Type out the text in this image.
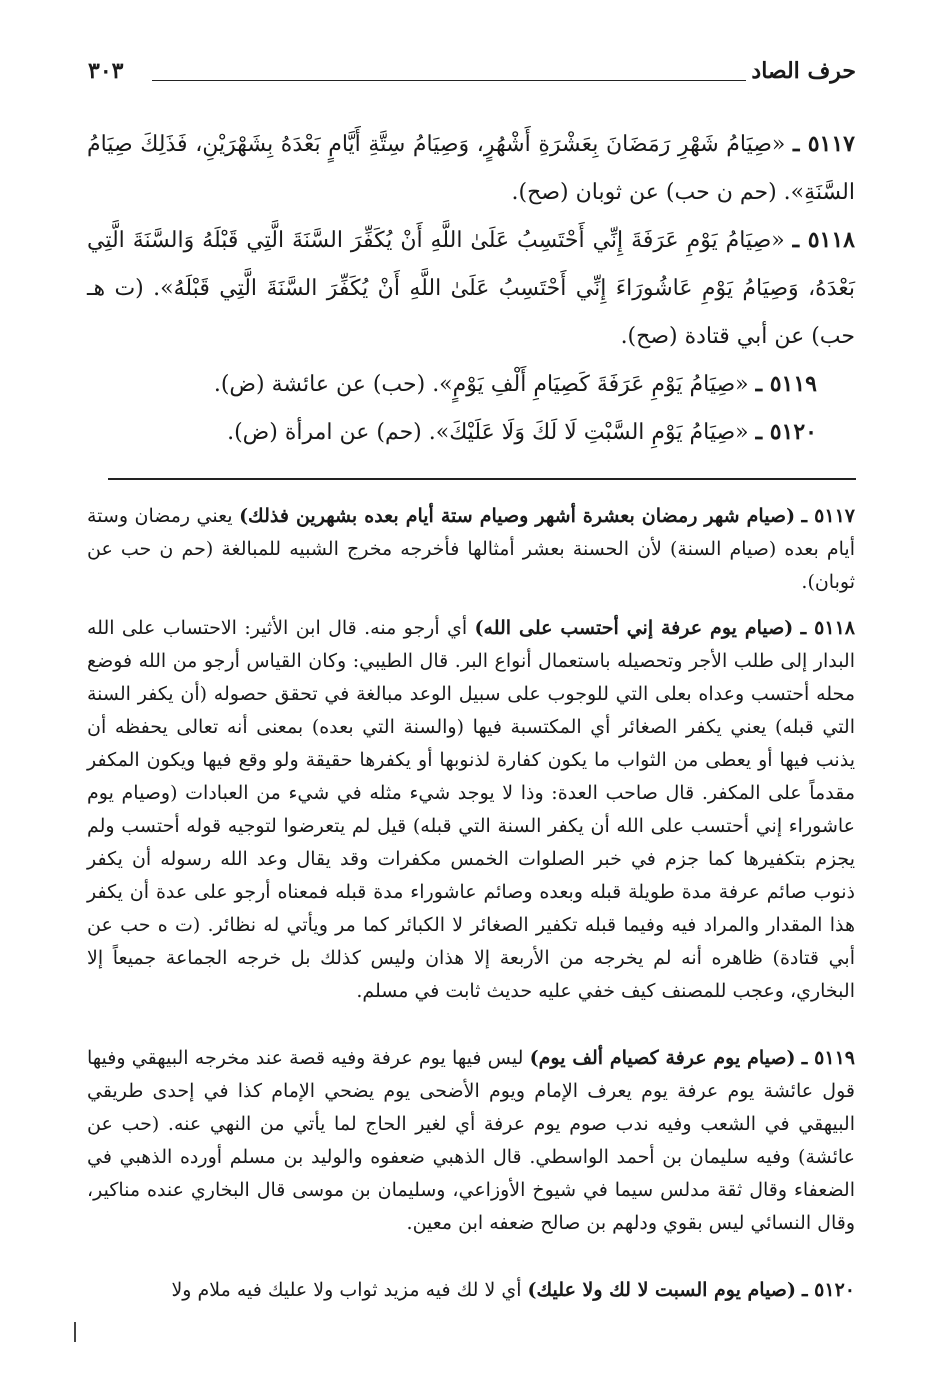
حرف الصاد
٣٠٣
٥١١٧ ـ «صِيَامُ شَهْرِ رَمَضَانَ بِعَشْرَةِ أَشْهُرٍ، وَصِيَامُ سِتَّةِ أَيَّامٍ بَعْدَهُ بِشَهْرَيْنِ، فَذَلِكَ صِيَامُ السَّنَةِ». (حم ن حب) عن ثوبان (صح).
٥١١٨ ـ «صِيَامُ يَوْمِ عَرَفَةَ إِنِّي أَحْتَسِبُ عَلَىٰ اللَّهِ أَنْ يُكَفِّرَ السَّنَةَ الَّتِي قَبْلَهُ وَالسَّنَةَ الَّتِي بَعْدَهُ، وَصِيَامُ يَوْمِ عَاشُورَاءَ إِنِّي أَحْتَسِبُ عَلَىٰ اللَّهِ أَنْ يُكَفِّرَ السَّنَةَ الَّتِي قَبْلَهُ». (ت هـ حب) عن أبي قتادة (صح).
٥١١٩ ـ «صِيَامُ يَوْمِ عَرَفَةَ كَصِيَامِ أَلْفِ يَوْمٍ». (حب) عن عائشة (ض).
٥١٢٠ ـ «صِيَامُ يَوْمِ السَّبْتِ لَا لَكَ وَلَا عَلَيْكَ». (حم) عن امرأة (ض).
٥١١٧ ـ (صيام شهر رمضان بعشرة أشهر وصيام ستة أيام بعده بشهرين فذلك) يعني رمضان وستة أيام بعده (صيام السنة) لأن الحسنة بعشر أمثالها فأخرجه مخرج الشبيه للمبالغة (حم ن حب عن ثوبان).
٥١١٨ ـ (صيام يوم عرفة إني أحتسب على الله) أي أرجو منه. قال ابن الأثير: الاحتساب على الله البدار إلى طلب الأجر وتحصيله باستعمال أنواع البر. قال الطيبي: وكان القياس أرجو من الله فوضع محله أحتسب وعداه بعلى التي للوجوب على سبيل الوعد مبالغة في تحقق حصوله (أن يكفر السنة التي قبله) يعني يكفر الصغائر أي المكتسبة فيها (والسنة التي بعده) بمعنى أنه تعالى يحفظه أن يذنب فيها أو يعطى من الثواب ما يكون كفارة لذنوبها أو يكفرها حقيقة ولو وقع فيها ويكون المكفر مقدماً على المكفر. قال صاحب العدة: وذا لا يوجد شيء مثله في شيء من العبادات (وصيام يوم عاشوراء إني أحتسب على الله أن يكفر السنة التي قبله) قيل لم يتعرضوا لتوجيه قوله أحتسب ولم يجزم بتكفيرها كما جزم في خبر الصلوات الخمس مكفرات وقد يقال وعد الله رسوله أن يكفر ذنوب صائم عرفة مدة طويلة قبله وبعده وصائم عاشوراء مدة قبله فمعناه أرجو على عدة أن يكفر هذا المقدار والمراد فيه وفيما قبله تكفير الصغائر لا الكبائر كما مر ويأتي له نظائر. (ت ه حب عن أبي قتادة) ظاهره أنه لم يخرجه من الأربعة إلا هذان وليس كذلك بل خرجه الجماعة جميعاً إلا البخاري، وعجب للمصنف كيف خفي عليه حديث ثابت في مسلم.
٥١١٩ ـ (صيام يوم عرفة كصيام ألف يوم) ليس فيها يوم عرفة وفيه قصة عند مخرجه البيهقي وفيها قول عائشة يوم عرفة يوم يعرف الإمام ويوم الأضحى يوم يضحي الإمام كذا في إحدى طريقي البيهقي في الشعب وفيه ندب صوم يوم عرفة أي لغير الحاج لما يأتي من النهي عنه. (حب عن عائشة) وفيه سليمان بن أحمد الواسطي. قال الذهبي ضعفوه والوليد بن مسلم أورده الذهبي في الضعفاء وقال ثقة مدلس سيما في شيوخ الأوزاعي، وسليمان بن موسى قال البخاري عنده مناكير، وقال النسائي ليس بقوي ودلهم بن صالح ضعفه ابن معين.
٥١٢٠ ـ (صيام يوم السبت لا لك ولا عليك) أي لا لك فيه مزيد ثواب ولا عليك فيه ملام ولا
